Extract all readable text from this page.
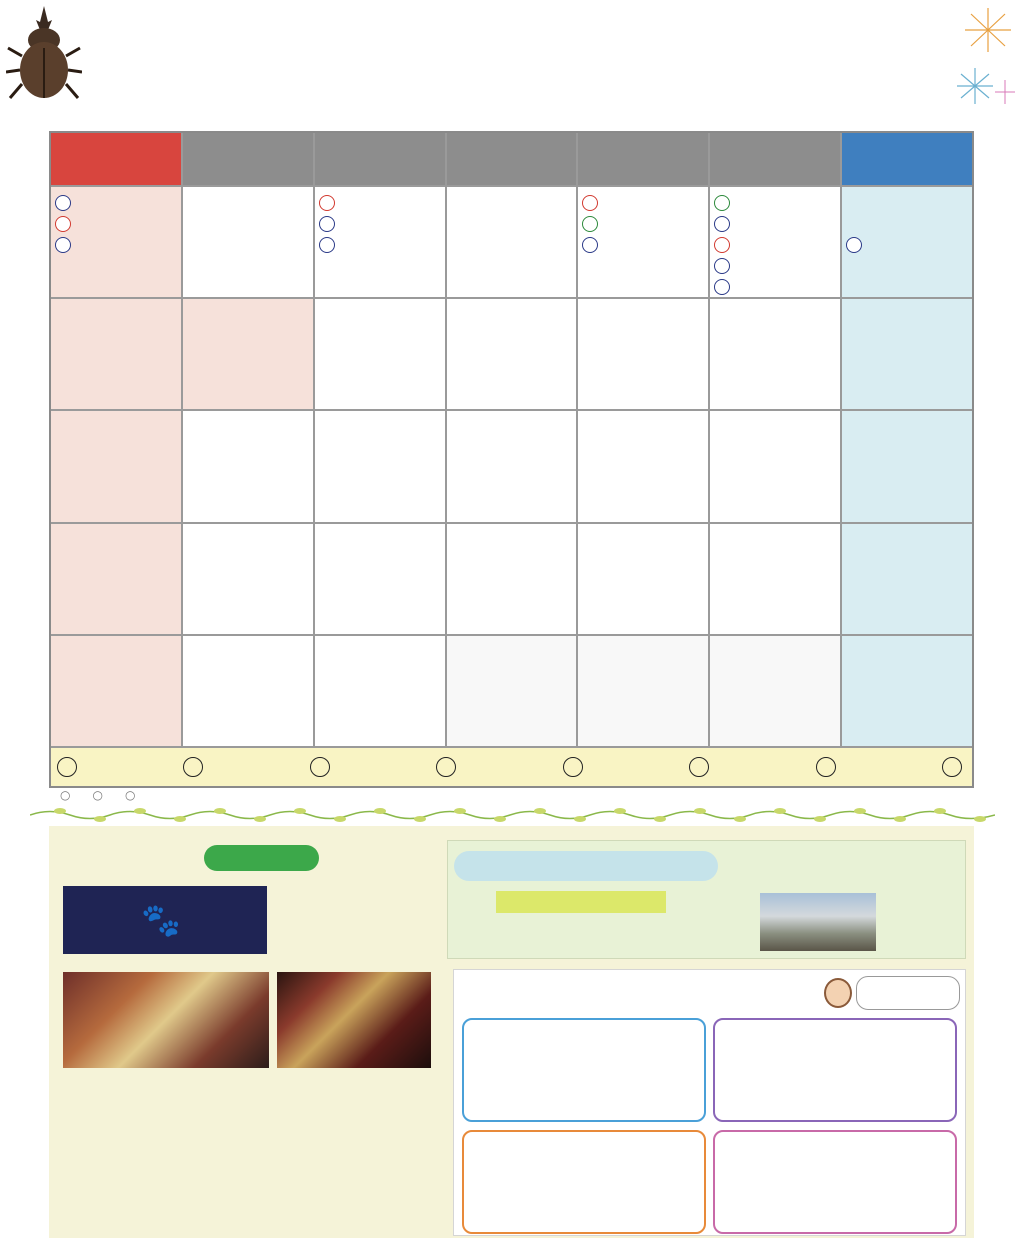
○
○
○
🐾
